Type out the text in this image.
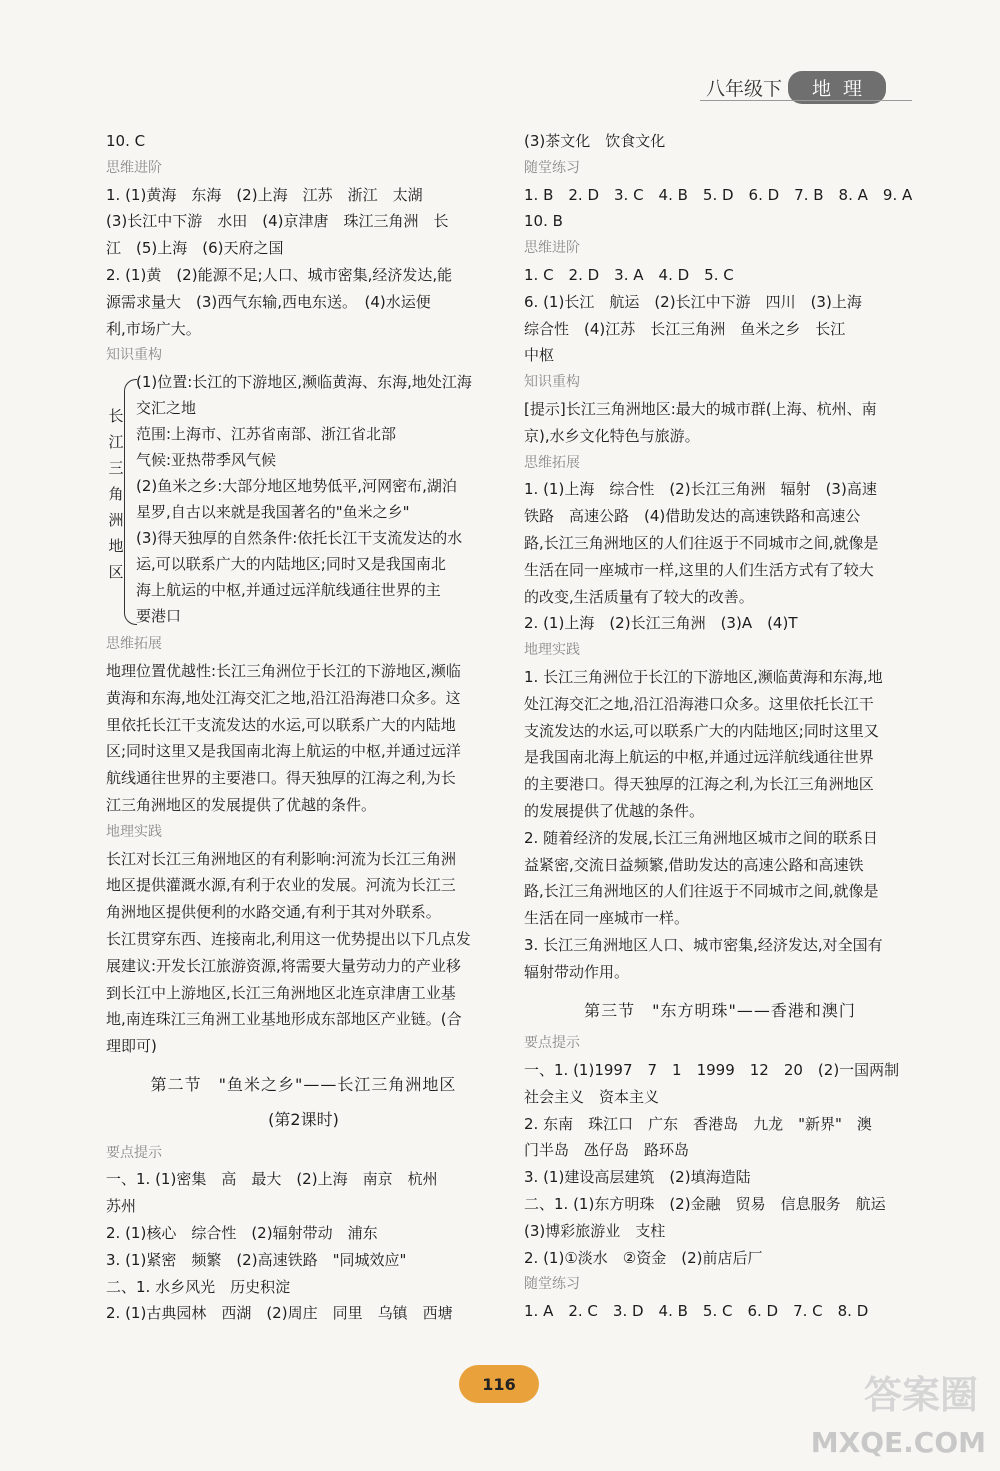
八年级下	地理
10. C
思维进阶
1. (1)黄海　东海　(2)上海　江苏　浙江　太湖
(3)长江中下游　水田　(4)京津唐　珠江三角洲　长
江　(5)上海　(6)天府之国
2. (1)黄　(2)能源不足;人口、城市密集,经济发达,能
源需求量大　(3)西气东输,西电东送。　(4)水运便
利,市场广大。
知识重构
长江三角洲地区
(1)位置:长江的下游地区,濒临黄海、东海,地处江海
交汇之地
范围:上海市、江苏省南部、浙江省北部
气候:亚热带季风气候
(2)鱼米之乡:大部分地区地势低平,河网密布,湖泊
星罗,自古以来就是我国著名的"鱼米之乡"
(3)得天独厚的自然条件:依托长江干支流发达的水
运,可以联系广大的内陆地区;同时又是我国南北
海上航运的中枢,并通过远洋航线通往世界的主
要港口
思维拓展
地理位置优越性:长江三角洲位于长江的下游地区,濒临
黄海和东海,地处江海交汇之地,沿江沿海港口众多。这
里依托长江干支流发达的水运,可以联系广大的内陆地
区;同时这里又是我国南北海上航运的中枢,并通过远洋
航线通往世界的主要港口。得天独厚的江海之利,为长
江三角洲地区的发展提供了优越的条件。
地理实践
长江对长江三角洲地区的有利影响:河流为长江三角洲
地区提供灌溉水源,有利于农业的发展。河流为长江三
角洲地区提供便利的水路交通,有利于其对外联系。
长江贯穿东西、连接南北,利用这一优势提出以下几点发
展建议:开发长江旅游资源,将需要大量劳动力的产业移
到长江中上游地区,长江三角洲地区北连京津唐工业基
地,南连珠江三角洲工业基地形成东部地区产业链。(合
理即可)
第二节　"鱼米之乡"——长江三角洲地区
(第2课时)
要点提示
一、1. (1)密集　高　最大　(2)上海　南京　杭州
苏州
2. (1)核心　综合性　(2)辐射带动　浦东
3. (1)紧密　频繁　(2)高速铁路　"同城效应"
二、1. 水乡风光　历史积淀
2. (1)古典园林　西湖　(2)周庄　同里　乌镇　西塘
(3)茶文化　饮食文化
随堂练习
1. B　2. D　3. C　4. B　5. D　6. D　7. B　8. A　9. A
10. B
思维进阶
1. C　2. D　3. A　4. D　5. C
6. (1)长江　航运　(2)长江中下游　四川　(3)上海
综合性　(4)江苏　长江三角洲　鱼米之乡　长江
中枢
知识重构
[提示]长江三角洲地区:最大的城市群(上海、杭州、南
京),水乡文化特色与旅游。
思维拓展
1. (1)上海　综合性　(2)长江三角洲　辐射　(3)高速
铁路　高速公路　(4)借助发达的高速铁路和高速公
路,长江三角洲地区的人们往返于不同城市之间,就像是
生活在同一座城市一样,这里的人们生活方式有了较大
的改变,生活质量有了较大的改善。
2. (1)上海　(2)长江三角洲　(3)A　(4)T
地理实践
1. 长江三角洲位于长江的下游地区,濒临黄海和东海,地
处江海交汇之地,沿江沿海港口众多。这里依托长江干
支流发达的水运,可以联系广大的内陆地区;同时这里又
是我国南北海上航运的中枢,并通过远洋航线通往世界
的主要港口。得天独厚的江海之利,为长江三角洲地区
的发展提供了优越的条件。
2. 随着经济的发展,长江三角洲地区城市之间的联系日
益紧密,交流日益频繁,借助发达的高速公路和高速铁
路,长江三角洲地区的人们往返于不同城市之间,就像是
生活在同一座城市一样。
3. 长江三角洲地区人口、城市密集,经济发达,对全国有
辐射带动作用。
第三节　"东方明珠"——香港和澳门
要点提示
一、1. (1)1997　7　1　1999　12　20　(2)一国两制
社会主义　资本主义
2. 东南　珠江口　广东　香港岛　九龙　"新界"　澳
门半岛　氹仔岛　路环岛
3. (1)建设高层建筑　(2)填海造陆
二、1. (1)东方明珠　(2)金融　贸易　信息服务　航运
(3)博彩旅游业　支柱
2. (1)①淡水　②资金　(2)前店后厂
随堂练习
1. A　2. C　3. D　4. B　5. C　6. D　7. C　8. D
116	答案圈
MXQE.COM
